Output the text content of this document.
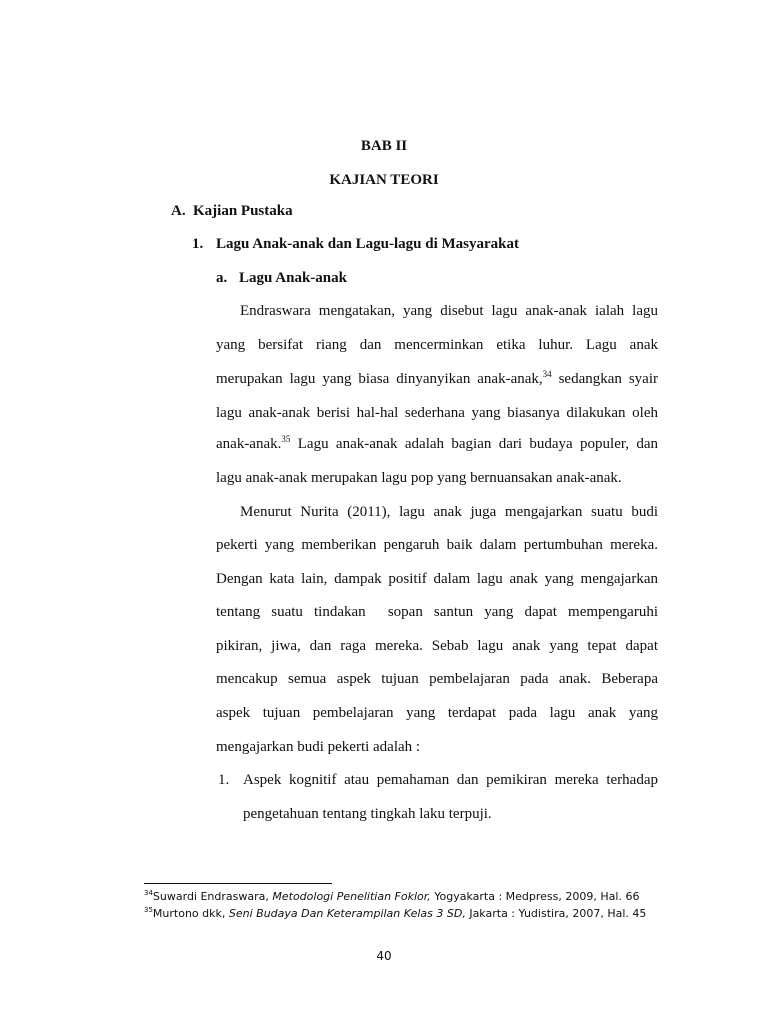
BAB II
KAJIAN TEORI
A. Kajian Pustaka
1. Lagu Anak-anak dan Lagu-lagu di Masyarakat
a. Lagu Anak-anak
Endraswara mengatakan, yang disebut lagu anak-anak ialah lagu
yang bersifat riang dan mencerminkan etika luhur. Lagu anak
merupakan lagu yang biasa dinyanyikan anak-anak,$^{34}$ sedangkan syair
lagu anak-anak berisi hal-hal sederhana yang biasanya dilakukan oleh
anak-anak.$^{35}$ Lagu anak-anak adalah bagian dari budaya populer, dan
lagu anak-anak merupakan lagu pop yang bernuansakan anak-anak.
Menurut Nurita (2011), lagu anak juga mengajarkan suatu budi
pekerti yang memberikan pengaruh baik dalam pertumbuhan mereka.
Dengan kata lain, dampak positif dalam lagu anak yang mengajarkan
tentang suatu tindakan  sopan santun yang dapat mempengaruhi
pikiran, jiwa, dan raga mereka. Sebab lagu anak yang tepat dapat
mencakup semua aspek tujuan pembelajaran pada anak. Beberapa
aspek tujuan pembelajaran yang terdapat pada lagu anak yang
mengajarkan budi pekerti adalah :
1. Aspek kognitif atau pemahaman dan pemikiran mereka terhadap
pengetahuan tentang tingkah laku terpuji.
$^{34}$Suwardi Endraswara, Metodologi Penelitian Foklor, Yogyakarta : Medpress, 2009, Hal. 66
$^{35}$Murtono dkk, Seni Budaya Dan Keterampilan Kelas 3 SD, Jakarta : Yudistira, 2007, Hal. 45
40
